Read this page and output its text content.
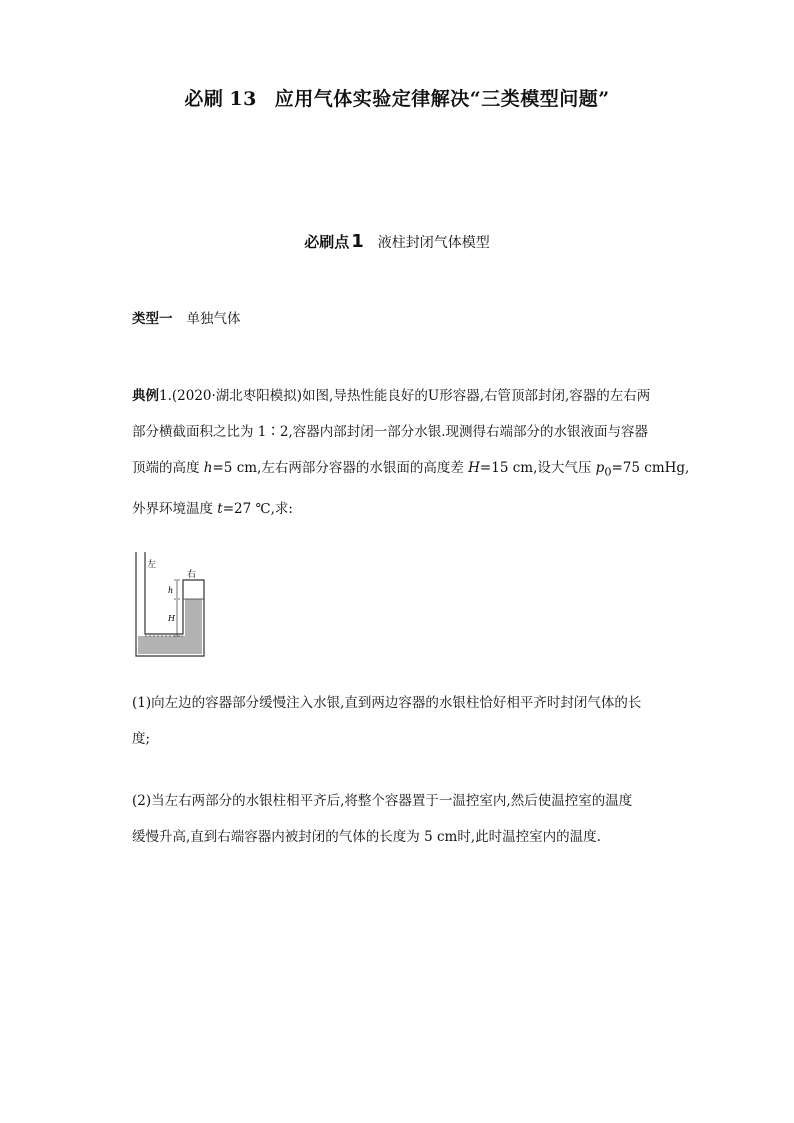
必刷 13 应用气体实验定律解决“三类模型问题”
必刷点 1 液柱封闭气体模型
类型一 单独气体
典例1.(2020·湖北枣阳模拟)如图,导热性能良好的U形容器,右管顶部封闭,容器的左右两
部分横截面积之比为 1∶2,容器内部封闭一部分水银.现测得右端部分的水银液面与容器
顶端的高度 h=5 cm,左右两部分容器的水银面的高度差 H=15 cm,设大气压 $p_0=75$ cmHg,
外界环境温度 t=27 ℃,求:
左
右
h
H
(1)向左边的容器部分缓慢注入水银,直到两边容器的水银柱恰好相平齐时封闭气体的长
度;
(2)当左右两部分的水银柱相平齐后,将整个容器置于一温控室内,然后使温控室的温度
缓慢升高,直到右端容器内被封闭的气体的长度为 5 cm时,此时温控室内的温度.
